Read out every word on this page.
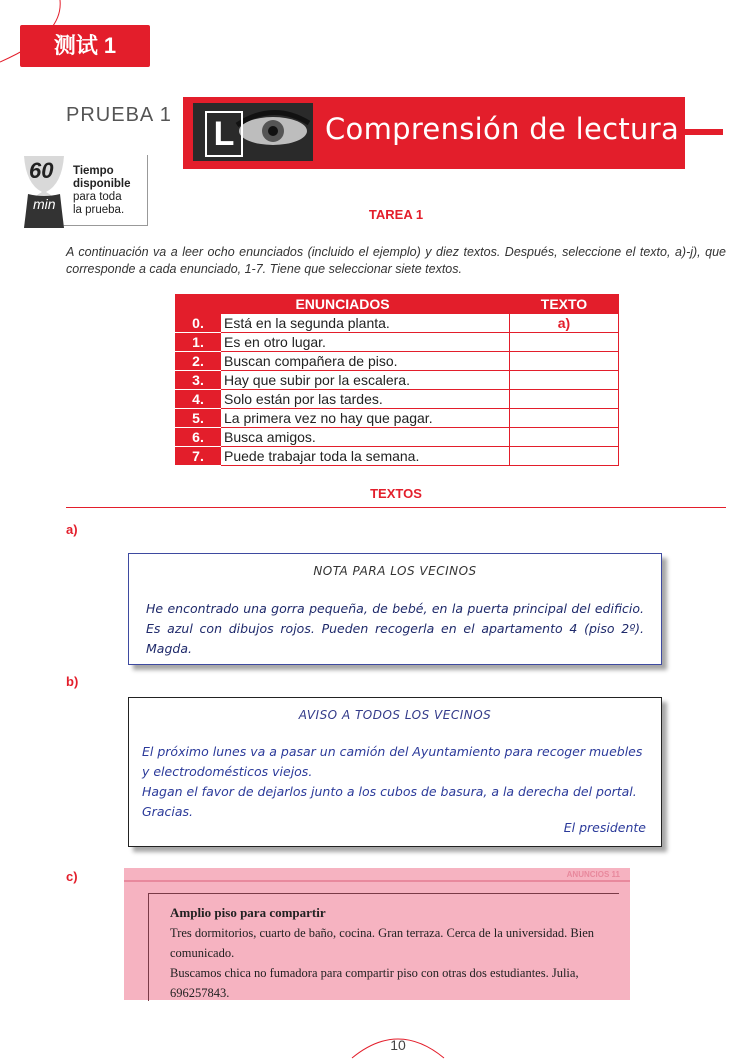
测试 1
PRUEBA 1 L	Comprensión de lectura
60
min
Tiempo
disponible
para toda
la prueba.	TAREA 1
A continuación va a leer ocho enunciados (incluido el ejemplo) y diez textos. Después, seleccione el texto, a)-j), que corresponde a cada enunciado, 1-7. Tiene que seleccionar siete textos.
ENUNCIADOS		TEXTO
0.	Está en la segunda planta.	a)
1.	Es en otro lugar.	
2.	Buscan compañera de piso.	
3.	Hay que subir por la escalera.	
4.	Solo están por las tardes.	
5.	La primera vez no hay que pagar.	
6.	Busca amigos.	
7.	Puede trabajar toda la semana.	
TEXTOS
a)
NOTA PARA LOS VECINOS
He encontrado una gorra pequeña, de bebé, en la puerta principal del edificio. Es azul con dibujos rojos. Pueden recogerla en el apartamento 4 (piso 2º). Magda.
b)
AVISO A TODOS LOS VECINOS
El próximo lunes va a pasar un camión del Ayuntamiento para recoger muebles y electrodomésticos viejos.
Hagan el favor de dejarlos junto a los cubos de basura, a la derecha del portal. Gracias.
El presidente
c)	ANUNCIOS 11
Amplio piso para compartir
Tres dormitorios, cuarto de baño, cocina. Gran terraza. Cerca de la universidad. Bien comunicado.
Buscamos chica no fumadora para compartir piso con otras dos estudiantes. Julia, 696257843.
10
